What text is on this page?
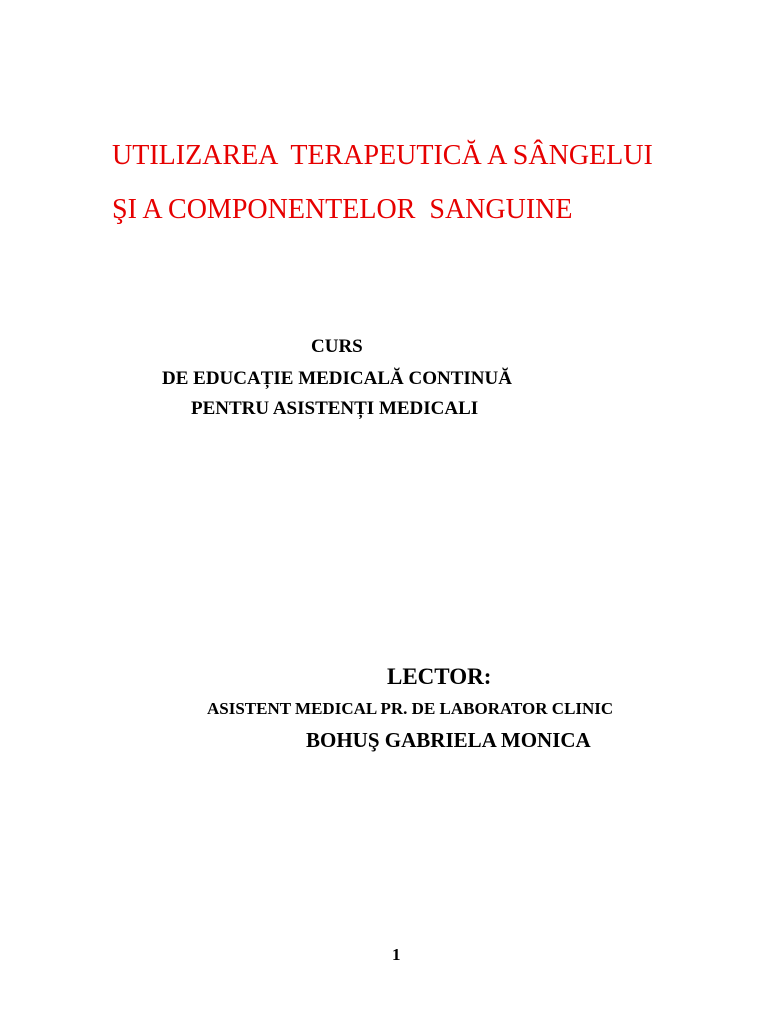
UTILIZAREA  TERAPEUTICĂ A SÂNGELUI
ŞI A COMPONENTELOR  SANGUINE
CURS
DE EDUCAȚIE MEDICALĂ CONTINUĂ
PENTRU ASISTENȚI MEDICALI
LECTOR:
ASISTENT MEDICAL PR. DE LABORATOR CLINIC
BOHUŞ GABRIELA MONICA
1
